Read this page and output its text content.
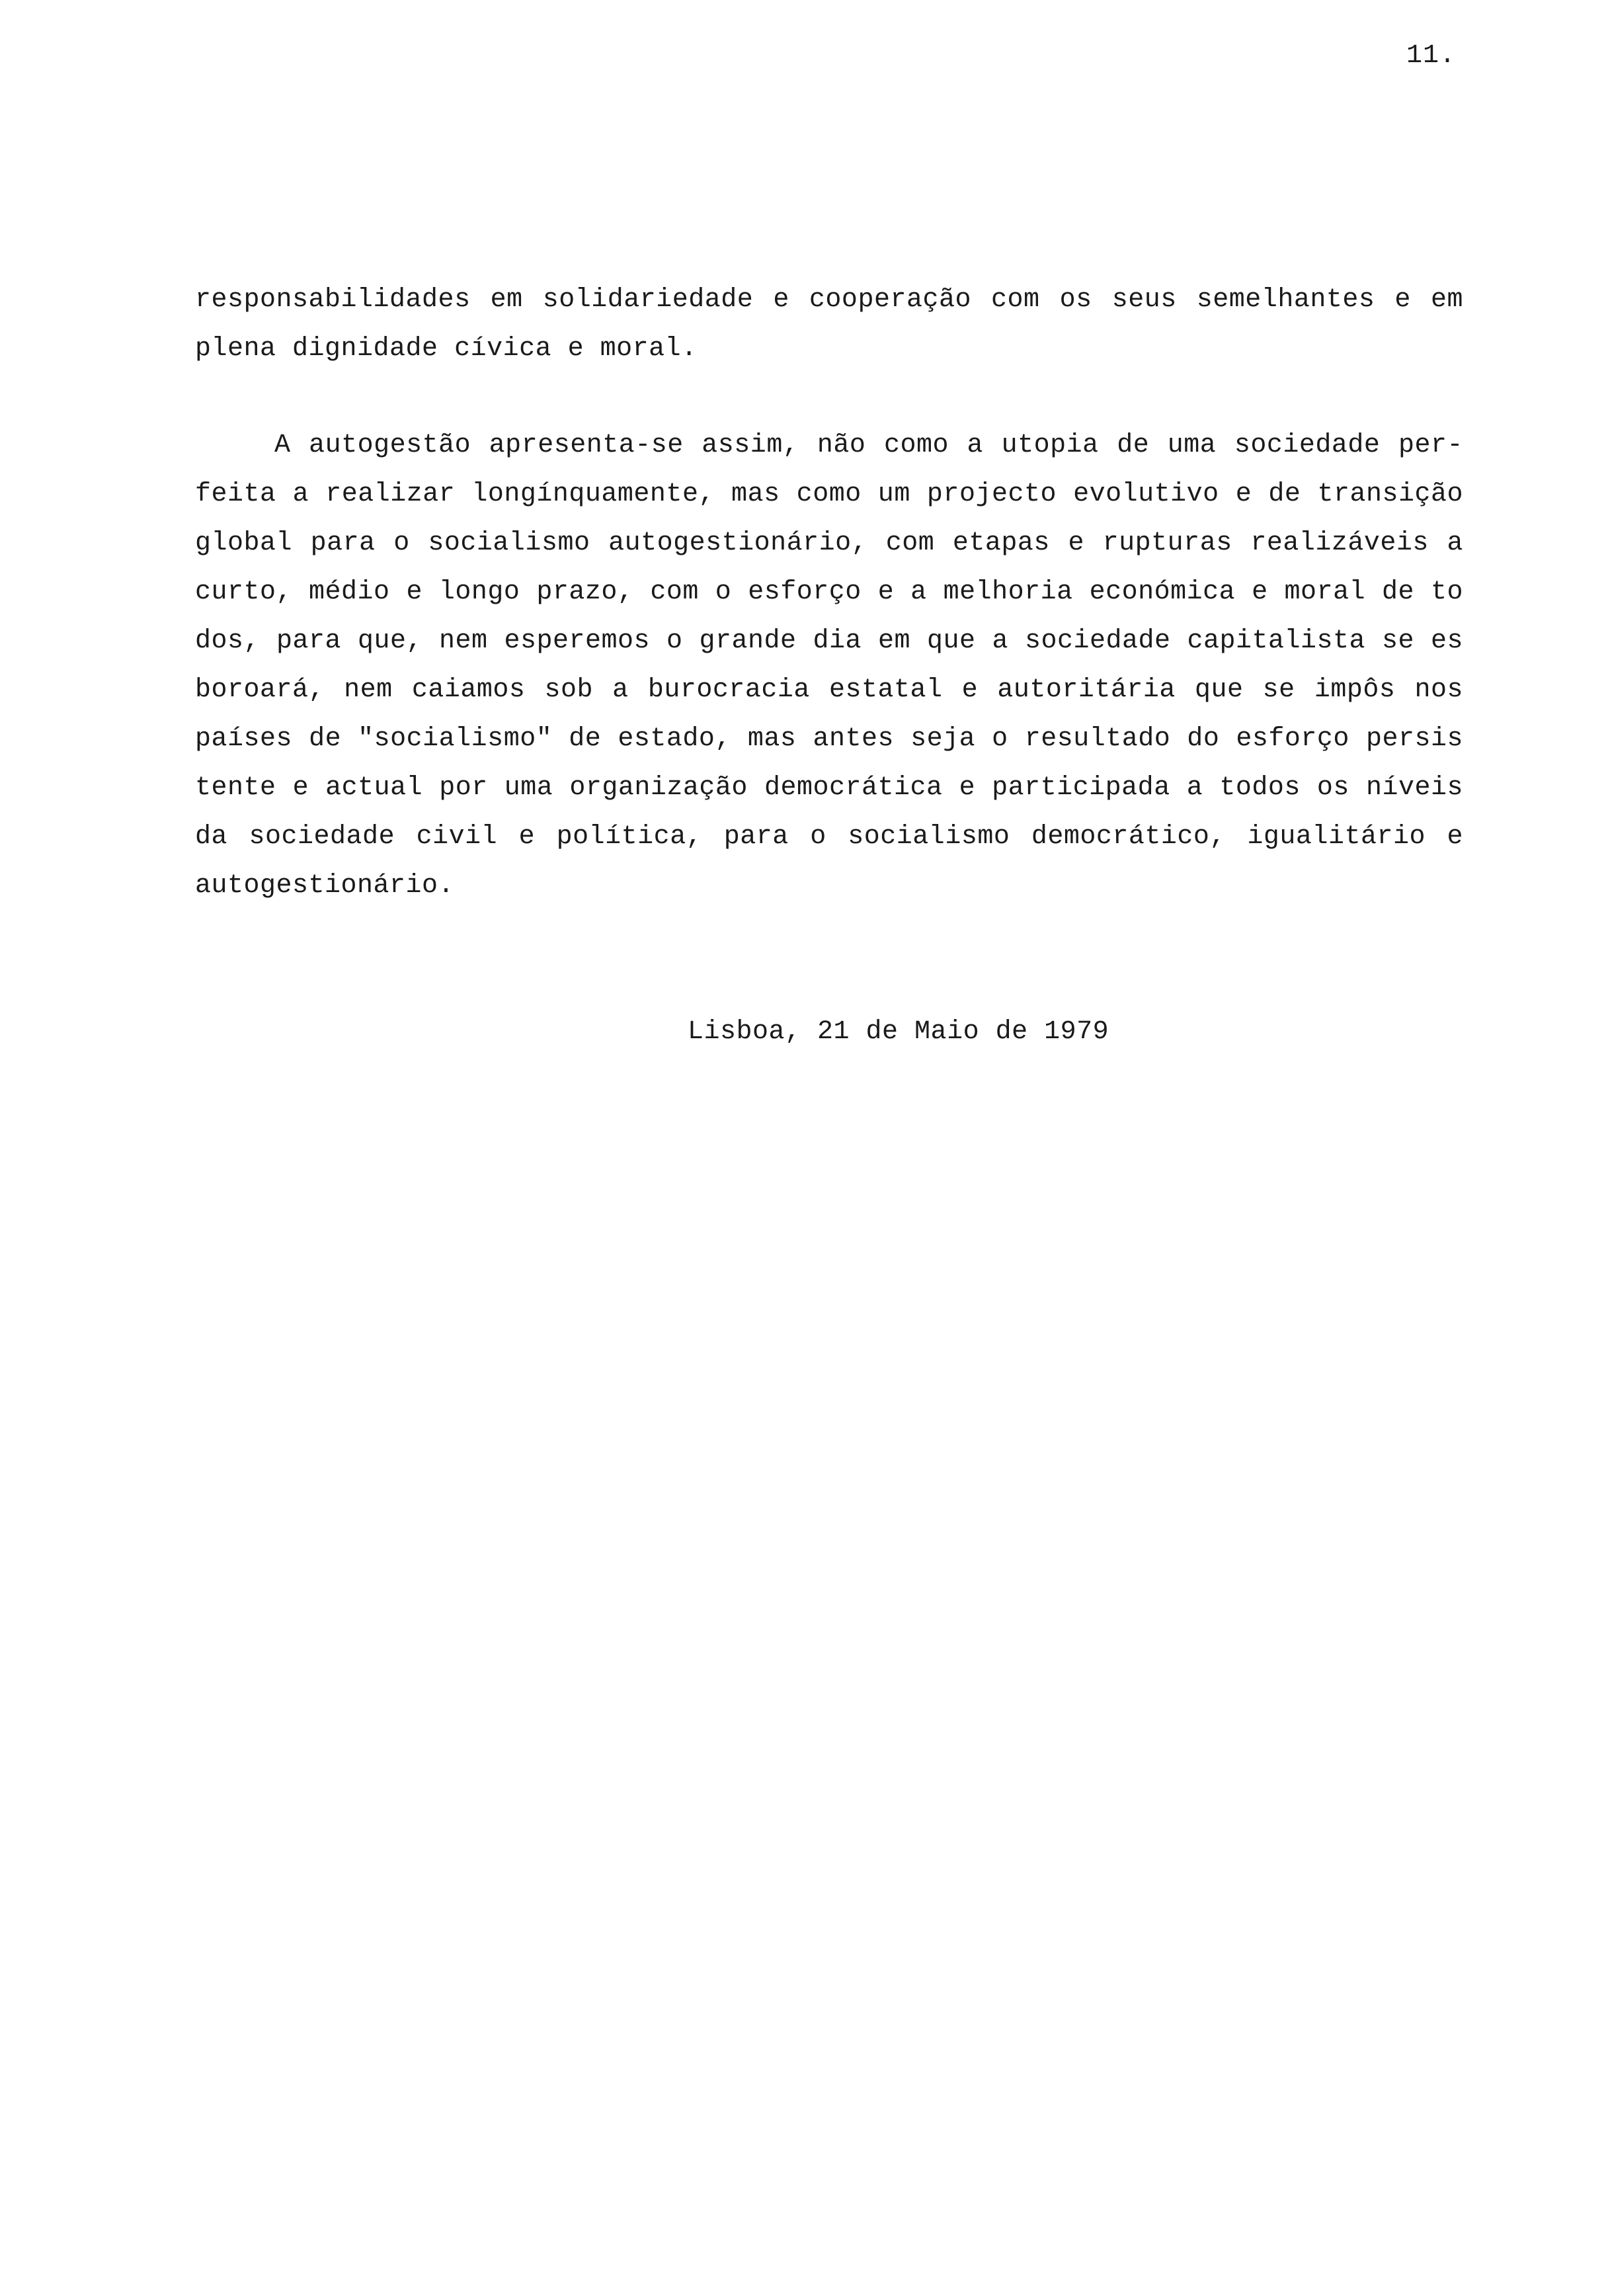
11.
responsabilidades em solidariedade e cooperação com os seus semelhantes e em
plena dignidade cívica e moral.
A autogestão apresenta-se assim, não como a utopia de uma sociedade per-
feita a realizar longínquamente, mas como um projecto evolutivo e de transição
global para o socialismo autogestionário, com etapas e rupturas realizáveis a
curto, médio e longo prazo, com o esforço e a melhoria económica e moral de to
dos, para que, nem esperemos o grande dia em que a sociedade capitalista se es
boroará, nem caiamos sob a burocracia estatal e autoritária que se impôs nos
países de "socialismo" de estado, mas antes seja o resultado do esforço persis
tente e actual por uma organização democrática e participada a todos os níveis
da sociedade civil e política, para o socialismo democrático, igualitário e
autogestionário.
Lisboa, 21 de Maio de 1979
